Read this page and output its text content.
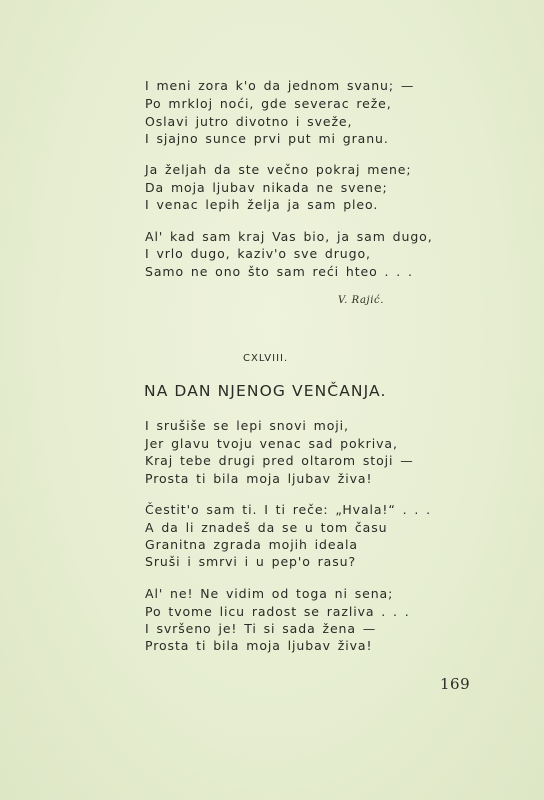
I meni zora k'o da jednom svanu; —
Po mrkloj noći, gde severac reže,
Oslavi jutro divotno i sveže,
I sjajno sunce prvi put mi granu.
Ja željah da ste večno pokraj mene;
Da moja ljubav nikada ne svene;
I venac lepih želja ja sam pleo.
Al' kad sam kraj Vas bio, ja sam dugo,
I vrlo dugo, kaziv'o sve drugo,
Samo ne ono što sam reći hteo . . .
V. Rajić.
CXLVIII.
NA DAN NJENOG VENČANJA.
I srušiše se lepi snovi moji,
Jer glavu tvoju venac sad pokriva,
Kraj tebe drugi pred oltarom stoji —
Prosta ti bila moja ljubav živa!
Čestit'o sam ti. I ti reče: „Hvala!“ . . .
A da li znadeš da se u tom času
Granitna zgrada mojih ideala
Sruši i smrvi i u pep'o rasu?
Al' ne! Ne vidim od toga ni sena;
Po tvome licu radost se razliva . . .
I svršeno je! Ti si sada žena —
Prosta ti bila moja ljubav živa!
169
